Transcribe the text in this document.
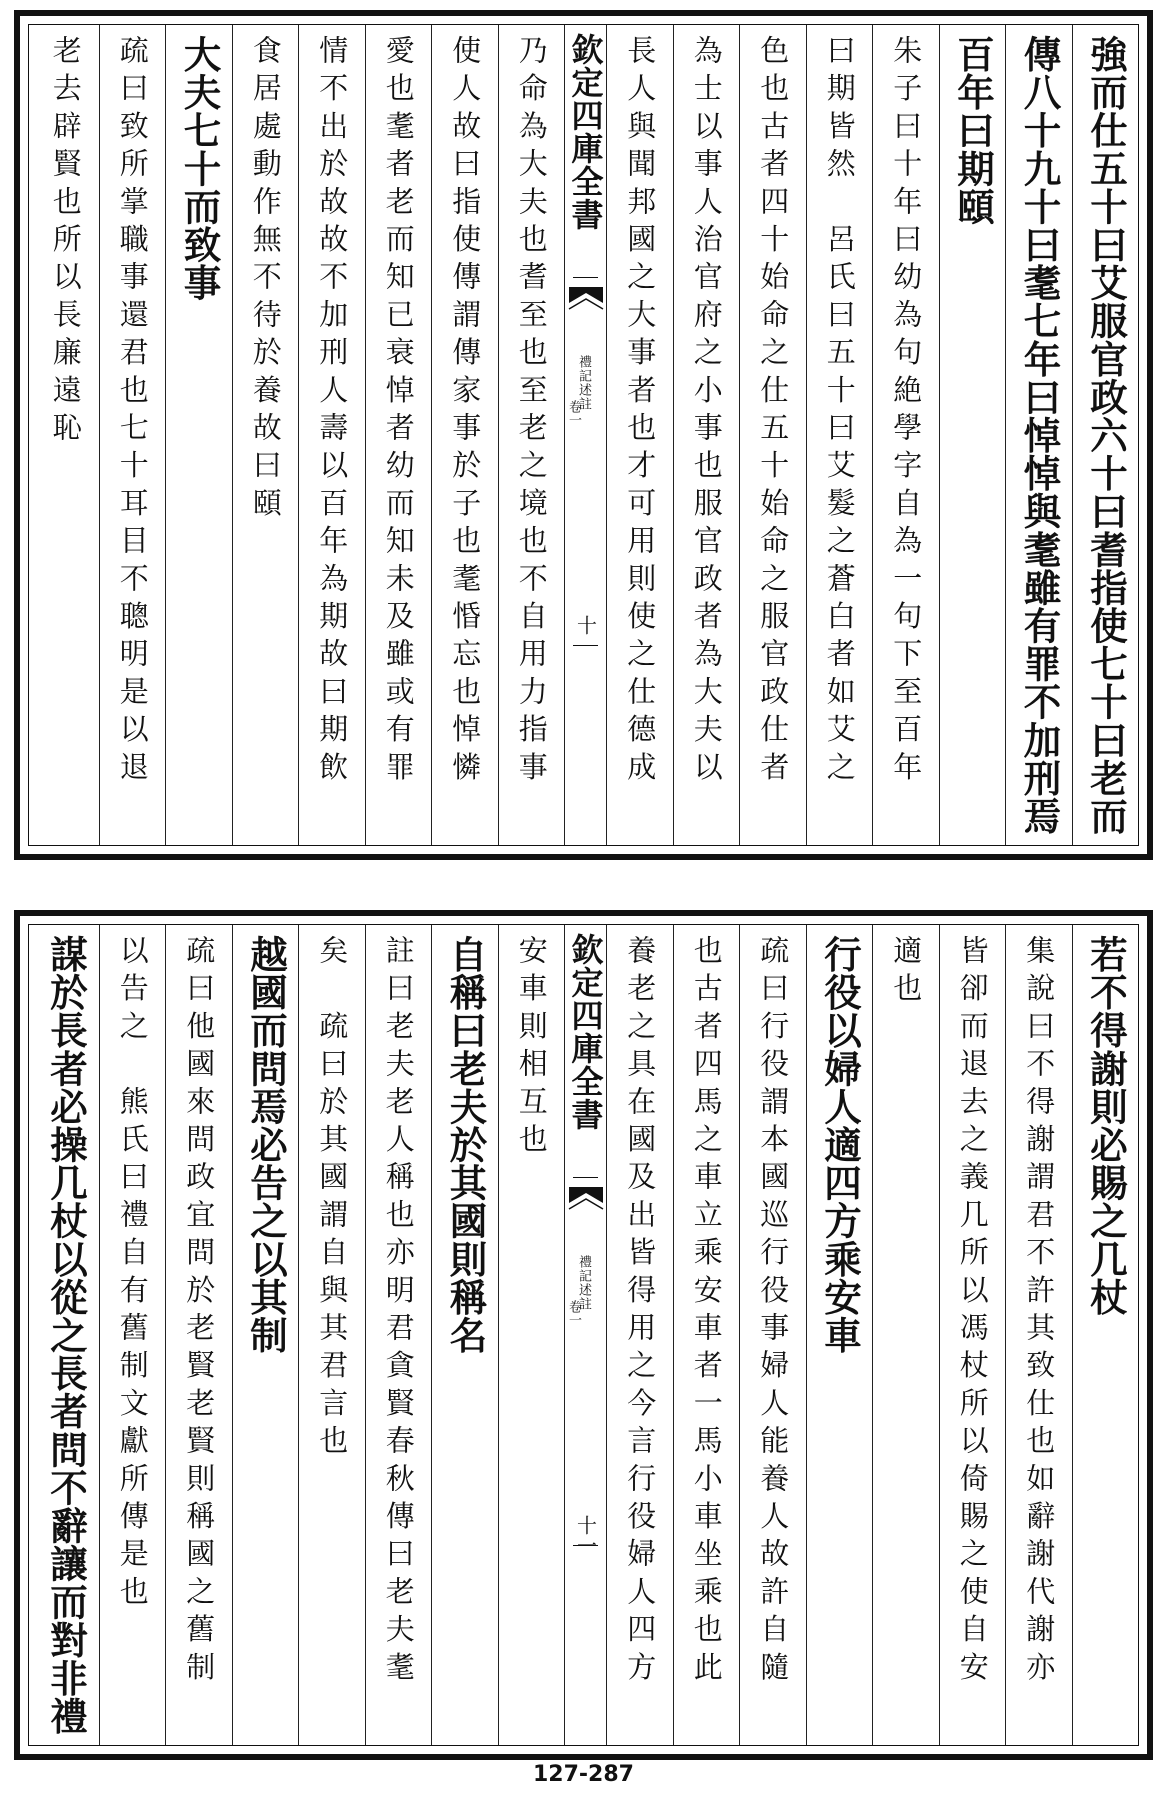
強而仕五十曰艾服官政六十曰耆指使七十曰老而
傳八十九十曰耄七年曰悼悼與耄雖有罪不加刑焉
百年曰期頤
朱子曰十年曰幼為句絶學字自為一句下至百年
曰期皆然　呂氏曰五十曰艾髮之蒼白者如艾之
色也古者四十始命之仕五十始命之服官政仕者
為士以事人治官府之小事也服官政者為大夫以
長人與聞邦國之大事者也才可用則使之仕德成
欽定四庫全書
禮記述註
卷一
十
乃命為大夫也耆至也至老之境也不自用力指事
使人故曰指使傳謂傳家事於子也耄惛忘也悼憐
愛也耄者老而知已衰悼者幼而知未及雖或有罪
情不出於故故不加刑人壽以百年為期故曰期飲
食居處動作無不待於養故曰頤
大夫七十而致事
疏曰致所掌職事還君也七十耳目不聰明是以退
老去辟賢也所以長廉遠恥
若不得謝則必賜之几杖
集說曰不得謝謂君不許其致仕也如辭謝代謝亦
皆卻而退去之義几所以馮杖所以倚賜之使自安
適也
行役以婦人適四方乘安車
疏曰行役謂本國巡行役事婦人能養人故許自隨
也古者四馬之車立乘安車者一馬小車坐乘也此
養老之具在國及出皆得用之今言行役婦人四方
欽定四庫全書
禮記述註
卷一
十一
安車則相互也
自稱曰老夫於其國則稱名
註曰老夫老人稱也亦明君貪賢春秋傳曰老夫耄
矣　疏曰於其國謂自與其君言也
越國而問焉必告之以其制
疏曰他國來問政宜問於老賢老賢則稱國之舊制
以告之　熊氏曰禮自有舊制文獻所傳是也
謀於長者必操几杖以從之長者問不辭讓而對非禮
127-287
